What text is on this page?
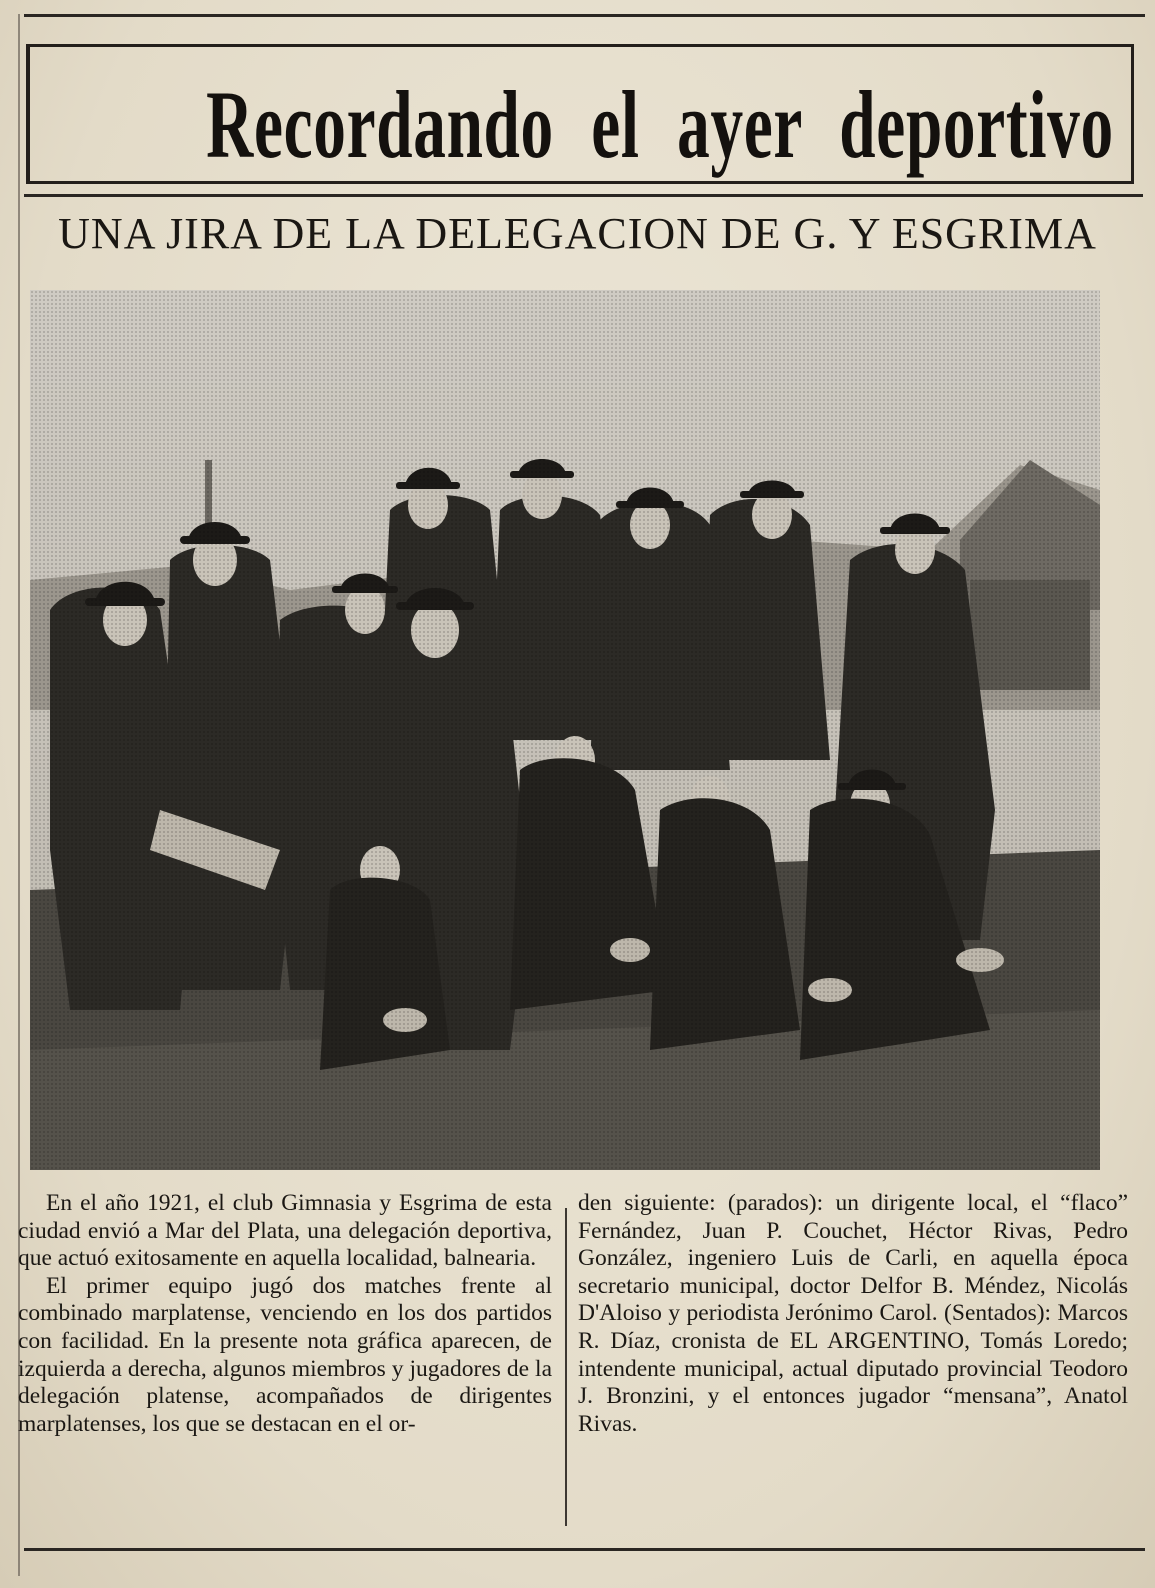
Recordando el ayer deportivo
UNA JIRA DE LA DELEGACION DE G. Y ESGRIMA

En el año 1921, el club Gimnasia y Esgrima de esta ciudad envió a Mar del Plata, una delegación deportiva, que actuó exitosamente en aquella localidad, balnearia.

El primer equipo jugó dos matches frente al combinado marplatense, venciendo en los dos partidos con facilidad. En la presente nota gráfica aparecen, de izquierda a derecha, algunos miembros y jugadores de la delegación platense, acompañados de dirigentes marplatenses, los que se destacan en el or-

den siguiente: (parados): un dirigente local, el “flaco” Fernández, Juan P. Couchet, Héctor Rivas, Pedro González, ingeniero Luis de Carli, en aquella época secretario municipal, doctor Delfor B. Méndez, Nicolás D'Aloiso y periodista Jerónimo Carol. (Sentados): Marcos R. Díaz, cronista de EL ARGENTINO, Tomás Loredo; intendente municipal, actual diputado provincial Teodoro J. Bronzini, y el entonces jugador “mensana”, Anatol Rivas.
